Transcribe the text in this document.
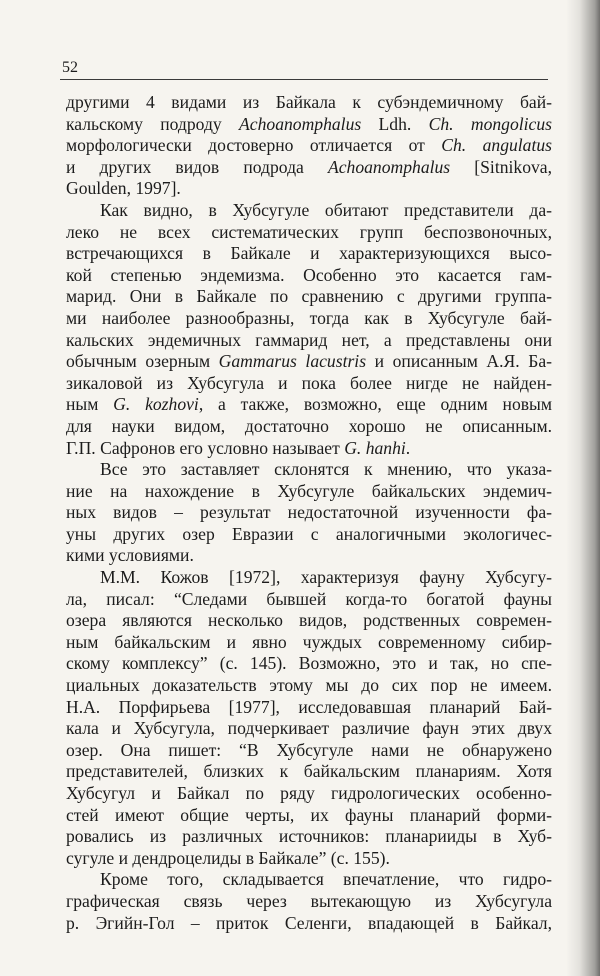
52
другими 4 видами из Байкала к субэндемичному бай-
кальскому подроду Achoanomphalus Ldh. Ch. mongolicus
морфологически достоверно отличается от Ch. angulatus
и других видов подрода Achoanomphalus [Sitnikova,
Goulden, 1997].
Как видно, в Хубсугуле обитают представители да-
леко не всех систематических групп беспозвоночных,
встречающихся в Байкале и характеризующихся высо-
кой степенью эндемизма. Особенно это касается гам-
марид. Они в Байкале по сравнению с другими группа-
ми наиболее разнообразны, тогда как в Хубсугуле бай-
кальских эндемичных гаммарид нет, а представлены они
обычным озерным Gammarus lacustris и описанным А.Я. Ба-
зикаловой из Хубсугула и пока более нигде не найден-
ным G. kozhovi, а также, возможно, еще одним новым
для науки видом, достаточно хорошо не описанным.
Г.П. Сафронов его условно называет G. hanhi.
Все это заставляет склонятся к мнению, что указа-
ние на нахождение в Хубсугуле байкальских эндемич-
ных видов – результат недостаточной изученности фа-
уны других озер Евразии с аналогичными экологичес-
кими условиями.
М.М. Кожов [1972], характеризуя фауну Хубсугу-
ла, писал: “Следами бывшей когда-то богатой фауны
озера являются несколько видов, родственных современ-
ным байкальским и явно чуждых современному сибир-
скому комплексу” (с. 145). Возможно, это и так, но спе-
циальных доказательств этому мы до сих пор не имеем.
Н.А. Порфирьева [1977], исследовавшая планарий Бай-
кала и Хубсугула, подчеркивает различие фаун этих двух
озер. Она пишет: “В Хубсугуле нами не обнаружено
представителей, близких к байкальским планариям. Хотя
Хубсугул и Байкал по ряду гидрологических особенно-
стей имеют общие черты, их фауны планарий форми-
ровались из различных источников: планарииды в Хуб-
сугуле и дендроцелиды в Байкале” (с. 155).
Кроме того, складывается впечатление, что гидро-
графическая связь через вытекающую из Хубсугула
р. Эгийн-Гол – приток Селенги, впадающей в Байкал,
